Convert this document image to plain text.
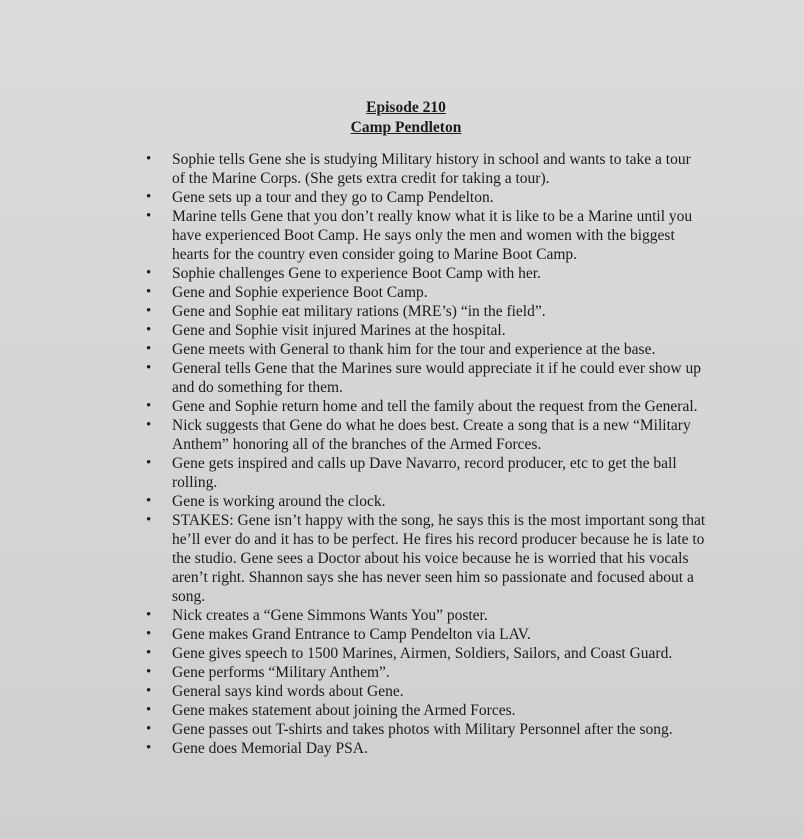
Episode 210
Camp Pendleton
• Sophie tells Gene she is studying Military history in school and wants to take a tour of the Marine Corps. (She gets extra credit for taking a tour).
• Gene sets up a tour and they go to Camp Pendelton.
• Marine tells Gene that you don’t really know what it is like to be a Marine until you have experienced Boot Camp. He says only the men and women with the biggest hearts for the country even consider going to Marine Boot Camp.
• Sophie challenges Gene to experience Boot Camp with her.
• Gene and Sophie experience Boot Camp.
• Gene and Sophie eat military rations (MRE’s) “in the field”.
• Gene and Sophie visit injured Marines at the hospital.
• Gene meets with General to thank him for the tour and experience at the base.
• General tells Gene that the Marines sure would appreciate it if he could ever show up and do something for them.
• Gene and Sophie return home and tell the family about the request from the General.
• Nick suggests that Gene do what he does best. Create a song that is a new “Military Anthem” honoring all of the branches of the Armed Forces.
• Gene gets inspired and calls up Dave Navarro, record producer, etc to get the ball rolling.
• Gene is working around the clock.
• STAKES: Gene isn’t happy with the song, he says this is the most important song that he’ll ever do and it has to be perfect. He fires his record producer because he is late to the studio. Gene sees a Doctor about his voice because he is worried that his vocals aren’t right. Shannon says she has never seen him so passionate and focused about a song.
• Nick creates a “Gene Simmons Wants You” poster.
• Gene makes Grand Entrance to Camp Pendelton via LAV.
• Gene gives speech to 1500 Marines, Airmen, Soldiers, Sailors, and Coast Guard.
• Gene performs “Military Anthem”.
• General says kind words about Gene.
• Gene makes statement about joining the Armed Forces.
• Gene passes out T-shirts and takes photos with Military Personnel after the song.
• Gene does Memorial Day PSA.
